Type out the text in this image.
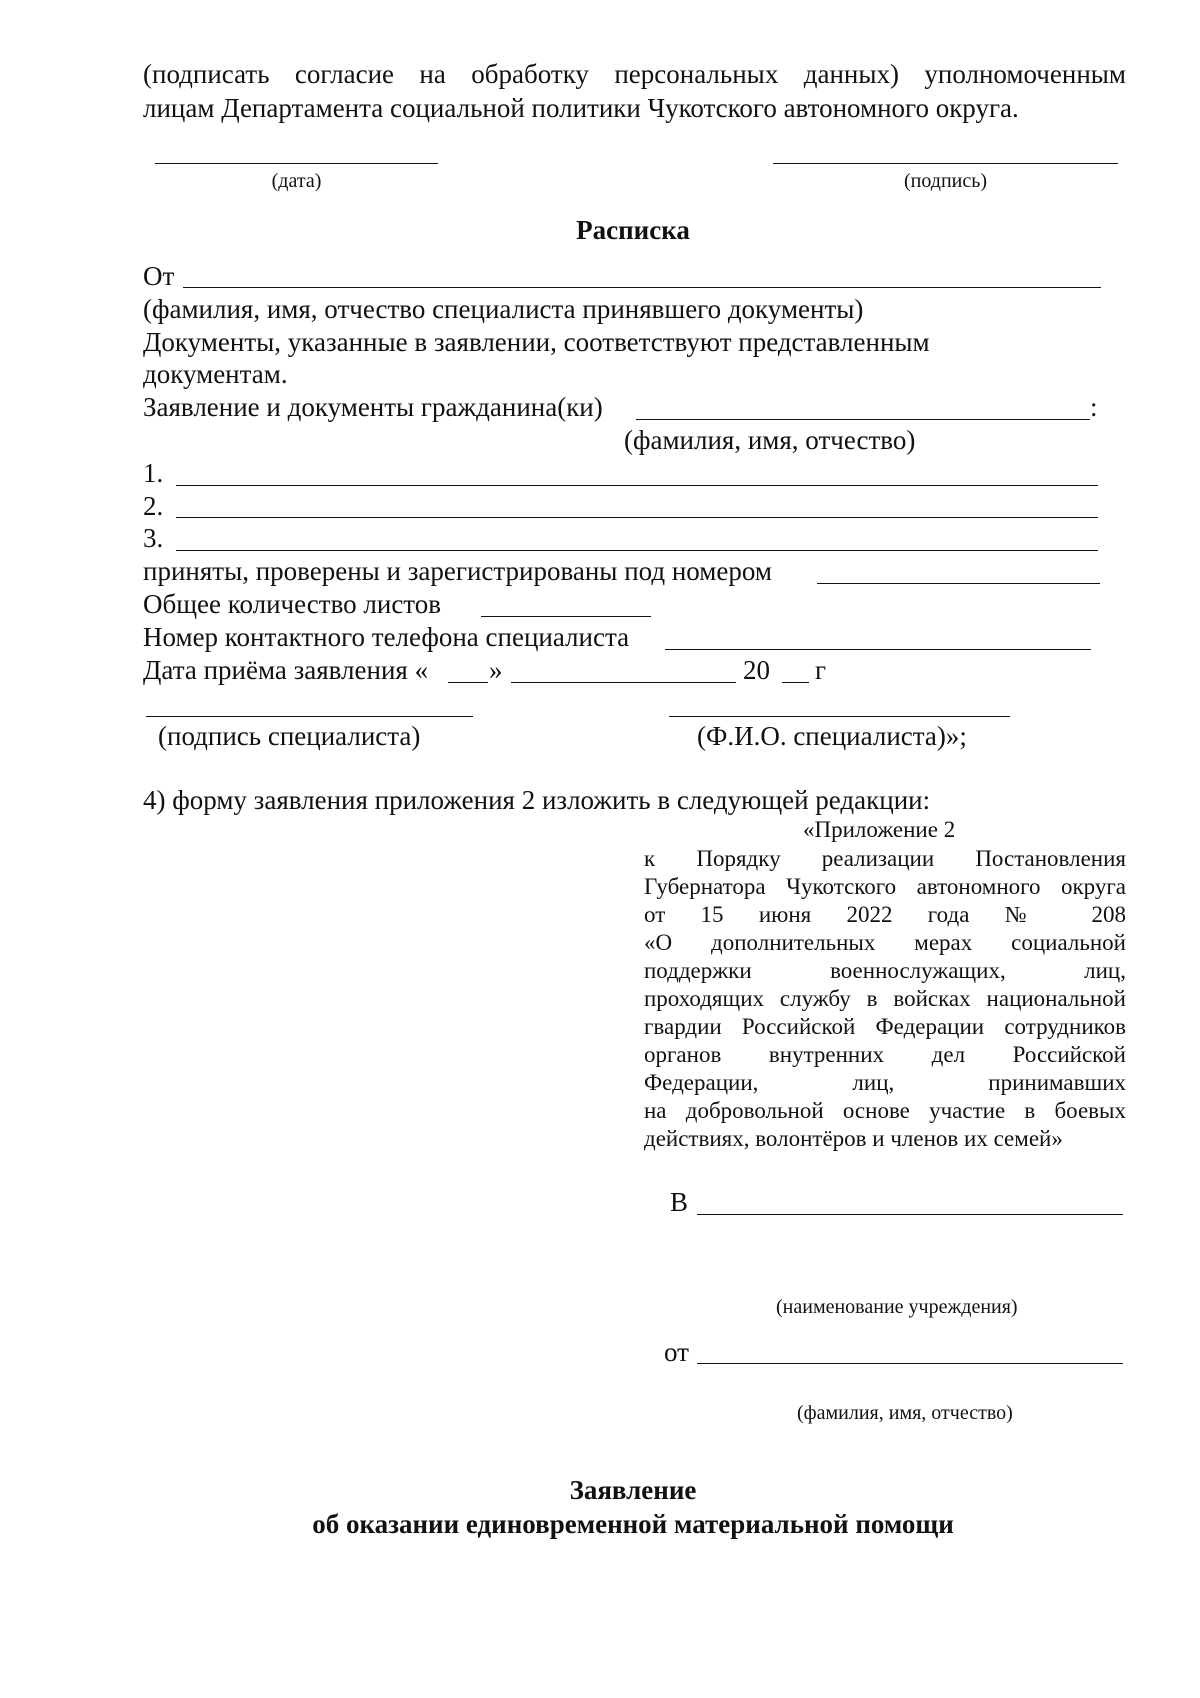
(подписать согласие на обработку персональных данных) уполномоченным
лицам Департамента социальной политики Чукотского автономного округа.
(дата)	(подпись)
Расписка
От
(фамилия, имя, отчество специалиста принявшего документы)
Документы, указанные в заявлении, соответствуют представленным
документам.
Заявление и документы гражданина(ки)	:
(фамилия, имя, отчество)
1.
2.
3.
приняты, проверены и зарегистрированы под номером
Общее количество листов
Номер контактного телефона специалиста
Дата приёма заявления « »	20 г
(подпись специалиста)	(Ф.И.О. специалиста)»;
4) форму заявления приложения 2 изложить в следующей редакции:
«Приложение 2
к Порядку реализации Постановления
Губернатора Чукотского автономного округа
от 15 июня 2022 года № 208
«О дополнительных мерах социальной
поддержки военнослужащих, лиц,
проходящих службу в войсках национальной
гвардии Российской Федерации сотрудников
органов внутренних дел Российской
Федерации, лиц, принимавших
на добровольной основе участие в боевых
действиях, волонтёров и членов их семей»
В
(наименование учреждения)
от
(фамилия, имя, отчество)
Заявление
об оказании единовременной материальной помощи
